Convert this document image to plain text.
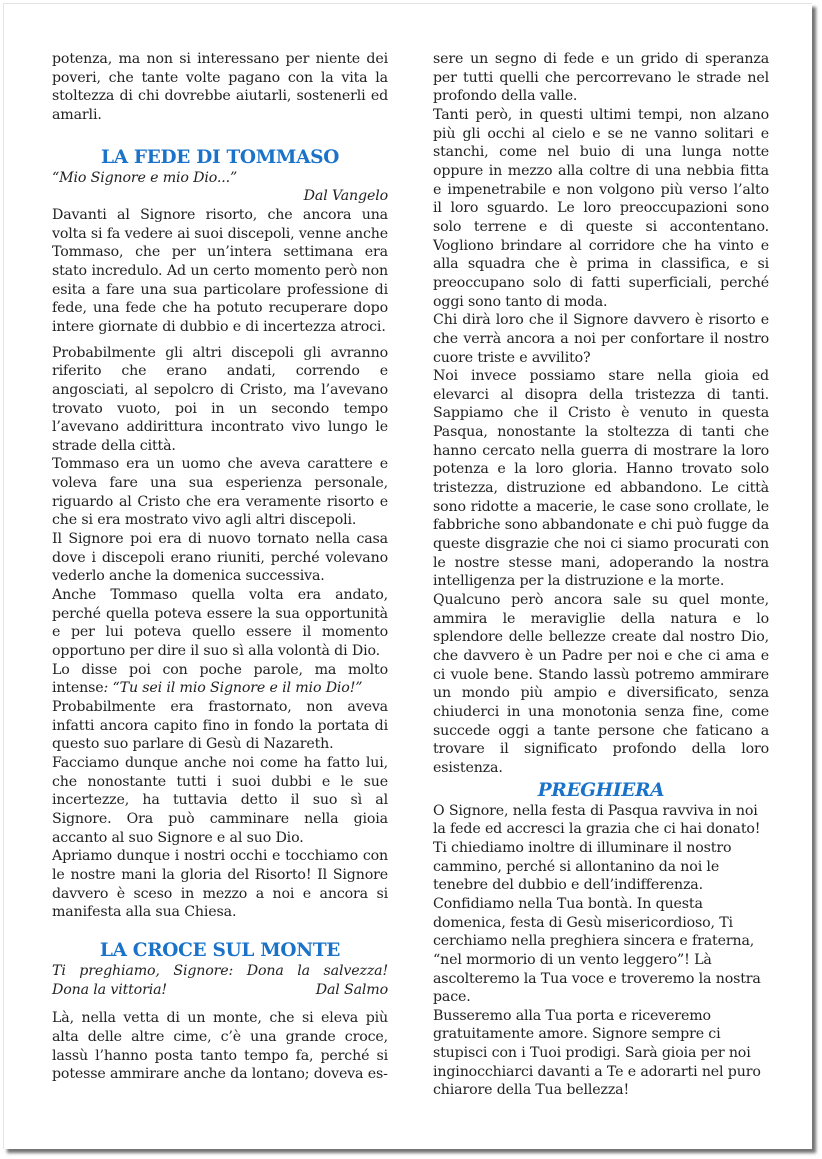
potenza, ma non si interessano per niente dei poveri, che tante volte pagano con la vita la stoltezza di chi dovrebbe aiutarli, sostenerli ed amarli.

LA FEDE DI TOMMASO

“Mio Signore e mio Dio...”

Dal Vangelo

Davanti al Signore risorto, che ancora una volta si fa vedere ai suoi discepoli, venne anche Tommaso, che per un’intera settimana era stato incredulo. Ad un certo momento però non esita a fare una sua particolare professione di fede, una fede che ha potuto recuperare dopo intere giornate di dubbio e di incertezza atroci.

Probabilmente gli altri discepoli gli avranno riferito che erano andati, correndo e angosciati, al sepolcro di Cristo, ma l’avevano trovato vuoto, poi in un secondo tempo l’avevano addirittura incontrato vivo lungo le strade della città.

Tommaso era un uomo che aveva carattere e voleva fare una sua esperienza personale, riguardo al Cristo che era veramente risorto e che si era mostrato vivo agli altri discepoli.

Il Signore poi era di nuovo tornato nella casa dove i discepoli erano riuniti, perché volevano vederlo anche la domenica successiva.

Anche Tommaso quella volta era andato, perché quella poteva essere la sua opportunità e per lui poteva quello essere il momento opportuno per dire il suo sì alla volontà di Dio.

Lo disse poi con poche parole, ma molto intense: “Tu sei il mio Signore e il mio Dio!”

Probabilmente era frastornato, non aveva infatti ancora capito fino in fondo la portata di questo suo parlare di Gesù di Nazareth.

Facciamo dunque anche noi come ha fatto lui, che nonostante tutti i suoi dubbi e le sue incertezze, ha tuttavia detto il suo sì al Signore. Ora può camminare nella gioia accanto al suo Signore e al suo Dio.

Apriamo dunque i nostri occhi e tocchiamo con le nostre mani la gloria del Risorto! Il Signore davvero è sceso in mezzo a noi e ancora si manifesta alla sua Chiesa.

LA CROCE SUL MONTE

Ti preghiamo, Signore: Dona la salvezza!

Dona la vittoria!	Dal Salmo

Là, nella vetta di un monte, che si eleva più alta delle altre cime, c’è una grande croce, lassù l’hanno posta tanto tempo fa, perché si potesse ammirare anche da lontano; doveva es-

sere un segno di fede e un grido di speranza per tutti quelli che percorrevano le strade nel profondo della valle.

Tanti però, in questi ultimi tempi, non alzano più gli occhi al cielo e se ne vanno solitari e stanchi, come nel buio di una lunga notte oppure in mezzo alla coltre di una nebbia fitta e impenetrabile e non volgono più verso l’alto il loro sguardo. Le loro preoccupazioni sono solo terrene e di queste si accontentano. Vogliono brindare al corridore che ha vinto e alla squadra che è prima in classifica, e si preoccupano solo di fatti superficiali, perché oggi sono tanto di moda.

Chi dirà loro che il Signore davvero è risorto e che verrà ancora a noi per confortare il nostro cuore triste e avvilito?

Noi invece possiamo stare nella gioia ed elevarci al disopra della tristezza di tanti. Sappiamo che il Cristo è venuto in questa Pasqua, nonostante la stoltezza di tanti che hanno cercato nella guerra di mostrare la loro potenza e la loro gloria. Hanno trovato solo tristezza, distruzione ed abbandono. Le città sono ridotte a macerie, le case sono crollate, le fabbriche sono abbandonate e chi può fugge da queste disgrazie che noi ci siamo procurati con le nostre stesse mani, adoperando la nostra intelligenza per la distruzione e la morte.

Qualcuno però ancora sale su quel monte, ammira le meraviglie della natura e lo splendore delle bellezze create dal nostro Dio, che davvero è un Padre per noi e che ci ama e ci vuole bene. Stando lassù potremo ammirare un mondo più ampio e diversificato, senza chiuderci in una monotonia senza fine, come succede oggi a tante persone che faticano a trovare il significato profondo della loro esistenza.

PREGHIERA

O Signore, nella festa di Pasqua ravviva in noi la fede ed accresci la grazia che ci hai donato! Ti chiediamo inoltre di illuminare il nostro cammino, perché si allontanino da noi le tenebre del dubbio e dell’indifferenza. Confidiamo nella Tua bontà. In questa domenica, festa di Gesù misericordioso, Ti cerchiamo nella preghiera sincera e fraterna, “nel mormorio di un vento leggero”! Là ascolteremo la Tua voce e troveremo la nostra pace.

Busseremo alla Tua porta e riceveremo gratuitamente amore. Signore sempre ci stupisci con i Tuoi prodigi. Sarà gioia per noi inginocchiarci davanti a Te e adorarti nel puro chiarore della Tua bellezza!
